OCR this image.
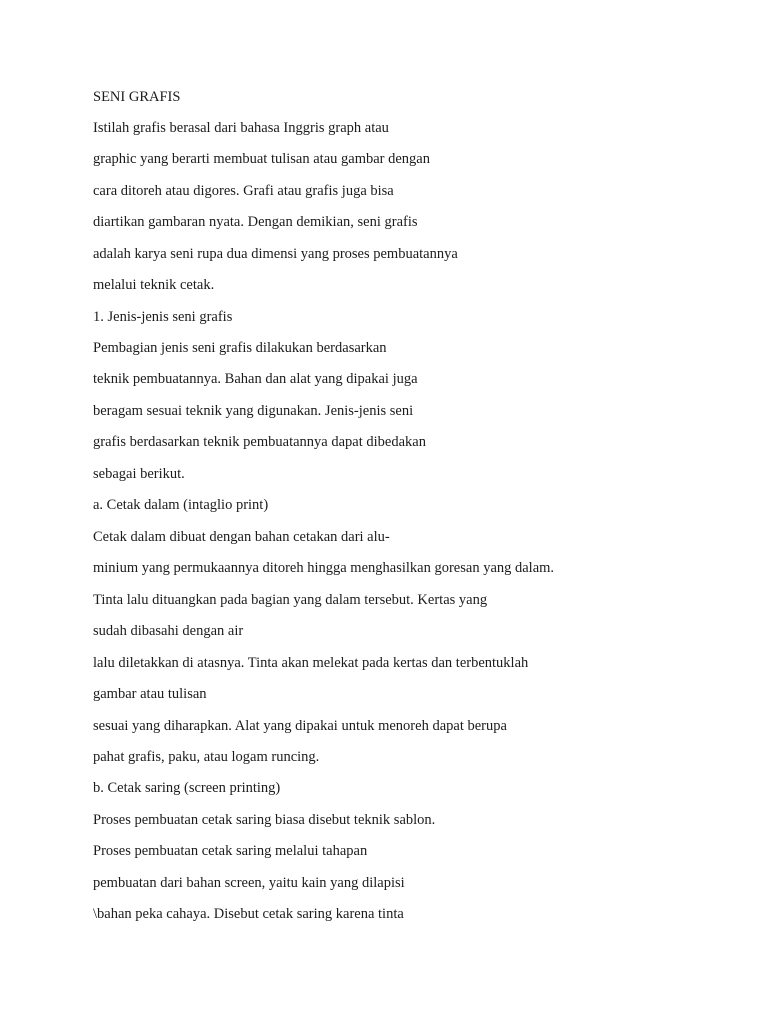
SENI GRAFIS

Istilah grafis berasal dari bahasa Inggris graph atau

graphic yang berarti membuat tulisan atau gambar dengan

cara ditoreh atau digores. Grafi atau grafis juga bisa

diartikan gambaran nyata. Dengan demikian, seni grafis

adalah karya seni rupa dua dimensi yang proses pembuatannya

melalui teknik cetak.

1. Jenis-jenis seni grafis

Pembagian jenis seni grafis dilakukan berdasarkan

teknik pembuatannya. Bahan dan alat yang dipakai juga

beragam sesuai teknik yang digunakan. Jenis-jenis seni

grafis berdasarkan teknik pembuatannya dapat dibedakan

sebagai berikut.

a. Cetak dalam (intaglio print)

Cetak dalam dibuat dengan bahan cetakan dari alu-

minium yang permukaannya ditoreh hingga menghasilkan goresan yang dalam.

Tinta lalu dituangkan pada bagian yang dalam tersebut. Kertas yang

sudah dibasahi dengan air

lalu diletakkan di atasnya. Tinta akan melekat pada kertas dan terbentuklah

gambar atau tulisan

sesuai yang diharapkan. Alat yang dipakai untuk menoreh dapat berupa

pahat grafis, paku, atau logam runcing.

b. Cetak saring (screen printing)

Proses pembuatan cetak saring biasa disebut teknik sablon.

Proses pembuatan cetak saring melalui tahapan

pembuatan dari bahan screen, yaitu kain yang dilapisi

\bahan peka cahaya. Disebut cetak saring karena tinta
